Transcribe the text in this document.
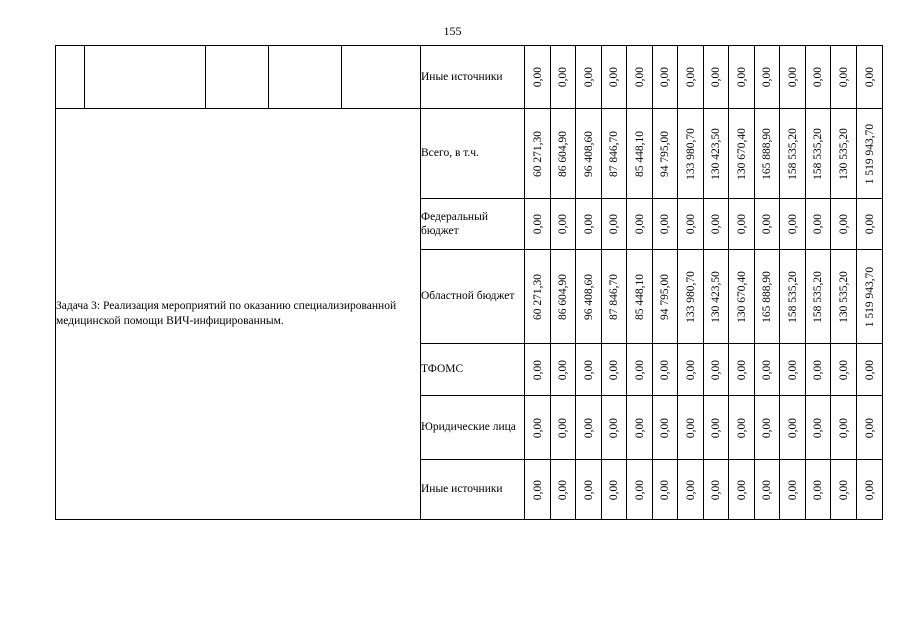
155
					Иные источники	0,00	0,00	0,00	0,00	0,00	0,00	0,00	0,00	0,00	0,00	0,00	0,00	0,00	0,00

Задача 3: Реализация мероприятий по оказанию специализированной медицинской помощи ВИЧ-инфицированным.					Всего, в т.ч.	60 271,30	86 604,90	96 408,60	87 846,70	85 448,10	94 795,00	133 980,70	130 423,50	130 670,40	165 888,90	158 535,20	158 535,20	130 535,20	1 519 943,70

					Федеральный бюджет	0,00	0,00	0,00	0,00	0,00	0,00	0,00	0,00	0,00	0,00	0,00	0,00	0,00	0,00

					Областной бюджет	60 271,30	86 604,90	96 408,60	87 846,70	85 448,10	94 795,00	133 980,70	130 423,50	130 670,40	165 888,90	158 535,20	158 535,20	130 535,20	1 519 943,70

					ТФОМС	0,00	0,00	0,00	0,00	0,00	0,00	0,00	0,00	0,00	0,00	0,00	0,00	0,00	0,00

					Юридические лица	0,00	0,00	0,00	0,00	0,00	0,00	0,00	0,00	0,00	0,00	0,00	0,00	0,00	0,00

					Иные источники	0,00	0,00	0,00	0,00	0,00	0,00	0,00	0,00	0,00	0,00	0,00	0,00	0,00	0,00
